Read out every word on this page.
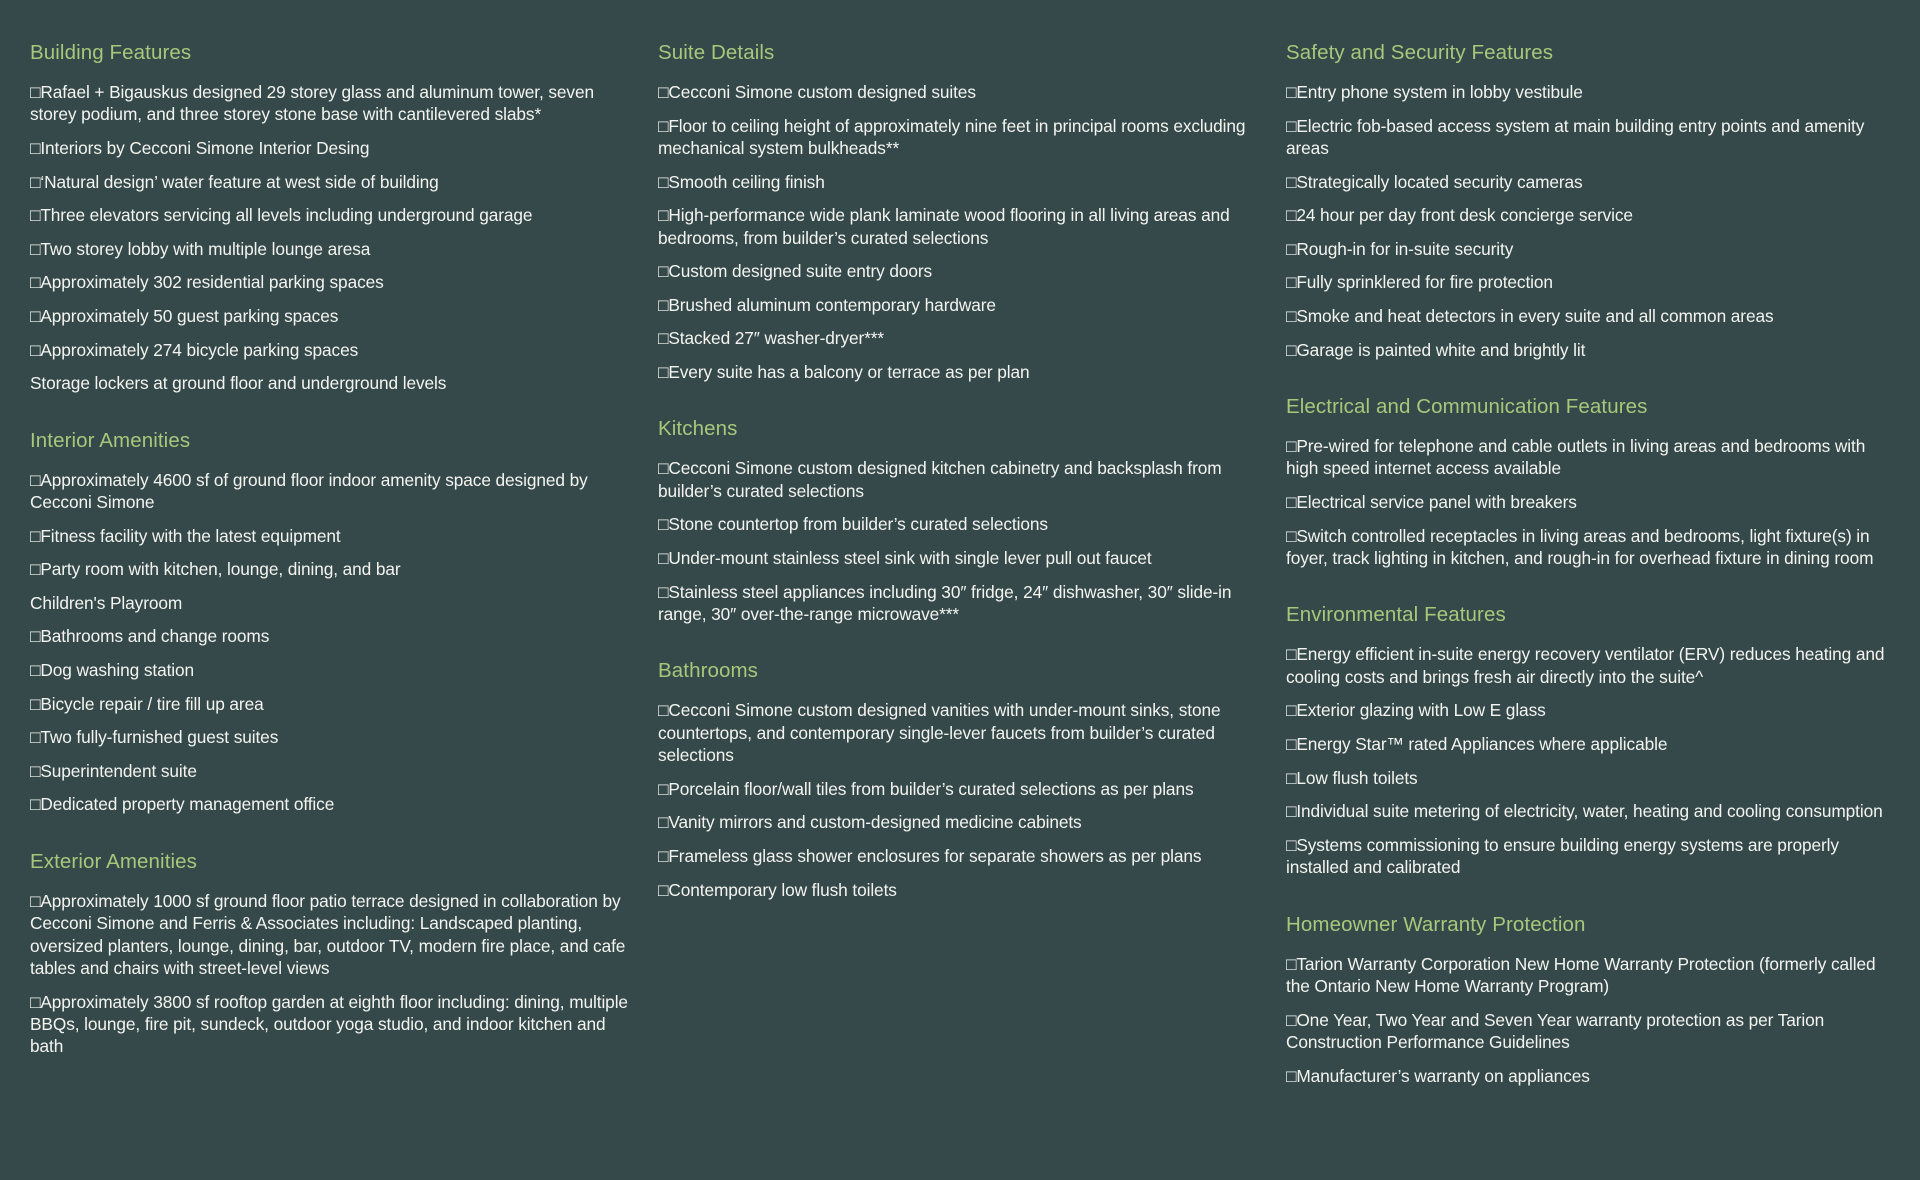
Building Features
□Rafael + Bigauskus designed 29 storey glass and aluminum tower, seven storey podium, and three storey stone base with cantilevered slabs*
□Interiors by Cecconi Simone Interior Desing
□‘Natural design’ water feature at west side of building
□Three elevators servicing all levels including underground garage
□Two storey lobby with multiple lounge aresa
□Approximately 302 residential parking spaces
□Approximately 50 guest parking spaces
□Approximately 274 bicycle parking spaces
Storage lockers at ground floor and underground levels
Interior Amenities
□Approximately 4600 sf of ground floor indoor amenity space designed by Cecconi Simone
□Fitness facility with the latest equipment
□Party room with kitchen, lounge, dining, and bar
Children's Playroom
□Bathrooms and change rooms
□Dog washing station
□Bicycle repair / tire fill up area
□Two fully-furnished guest suites
□Superintendent suite
□Dedicated property management office
Exterior Amenities
□Approximately 1000 sf ground floor patio terrace designed in collaboration by Cecconi Simone and Ferris & Associates including: Landscaped planting, oversized planters, lounge, dining, bar, outdoor TV, modern fire place, and cafe tables and chairs with street-level views
□Approximately 3800 sf rooftop garden at eighth floor including: dining, multiple BBQs, lounge, fire pit, sundeck, outdoor yoga studio, and indoor kitchen and bath
Suite Details
□Cecconi Simone custom designed suites
□Floor to ceiling height of approximately nine feet in principal rooms excluding mechanical system bulkheads**
□Smooth ceiling finish
□High-performance wide plank laminate wood flooring in all living areas and bedrooms, from builder’s curated selections
□Custom designed suite entry doors
□Brushed aluminum contemporary hardware
□Stacked 27″ washer-dryer***
□Every suite has a balcony or terrace as per plan
Kitchens
□Cecconi Simone custom designed kitchen cabinetry and backsplash from builder’s curated selections
□Stone countertop from builder’s curated selections
□Under-mount stainless steel sink with single lever pull out faucet
□Stainless steel appliances including 30″ fridge, 24″ dishwasher, 30″ slide-in range, 30″ over-the-range microwave***
Bathrooms
□Cecconi Simone custom designed vanities with under-mount sinks, stone countertops, and contemporary single-lever faucets from builder’s curated selections
□Porcelain floor/wall tiles from builder’s curated selections as per plans
□Vanity mirrors and custom-designed medicine cabinets
□Frameless glass shower enclosures for separate showers as per plans
□Contemporary low flush toilets
Safety and Security Features
□Entry phone system in lobby vestibule
□Electric fob-based access system at main building entry points and amenity areas
□Strategically located security cameras
□24 hour per day front desk concierge service
□Rough-in for in-suite security
□Fully sprinklered for fire protection
□Smoke and heat detectors in every suite and all common areas
□Garage is painted white and brightly lit
Electrical and Communication Features
□Pre-wired for telephone and cable outlets in living areas and bedrooms with high speed internet access available
□Electrical service panel with breakers
□Switch controlled receptacles in living areas and bedrooms, light fixture(s) in foyer, track lighting in kitchen, and rough-in for overhead fixture in dining room
Environmental Features
□Energy efficient in-suite energy recovery ventilator (ERV) reduces heating and cooling costs and brings fresh air directly into the suite^
□Exterior glazing with Low E glass
□Energy Star™ rated Appliances where applicable
□Low flush toilets
□Individual suite metering of electricity, water, heating and cooling consumption
□Systems commissioning to ensure building energy systems are properly installed and calibrated
Homeowner Warranty Protection
□Tarion Warranty Corporation New Home Warranty Protection (formerly called the Ontario New Home Warranty Program)
□One Year, Two Year and Seven Year warranty protection as per Tarion Construction Performance Guidelines
□Manufacturer’s warranty on appliances
